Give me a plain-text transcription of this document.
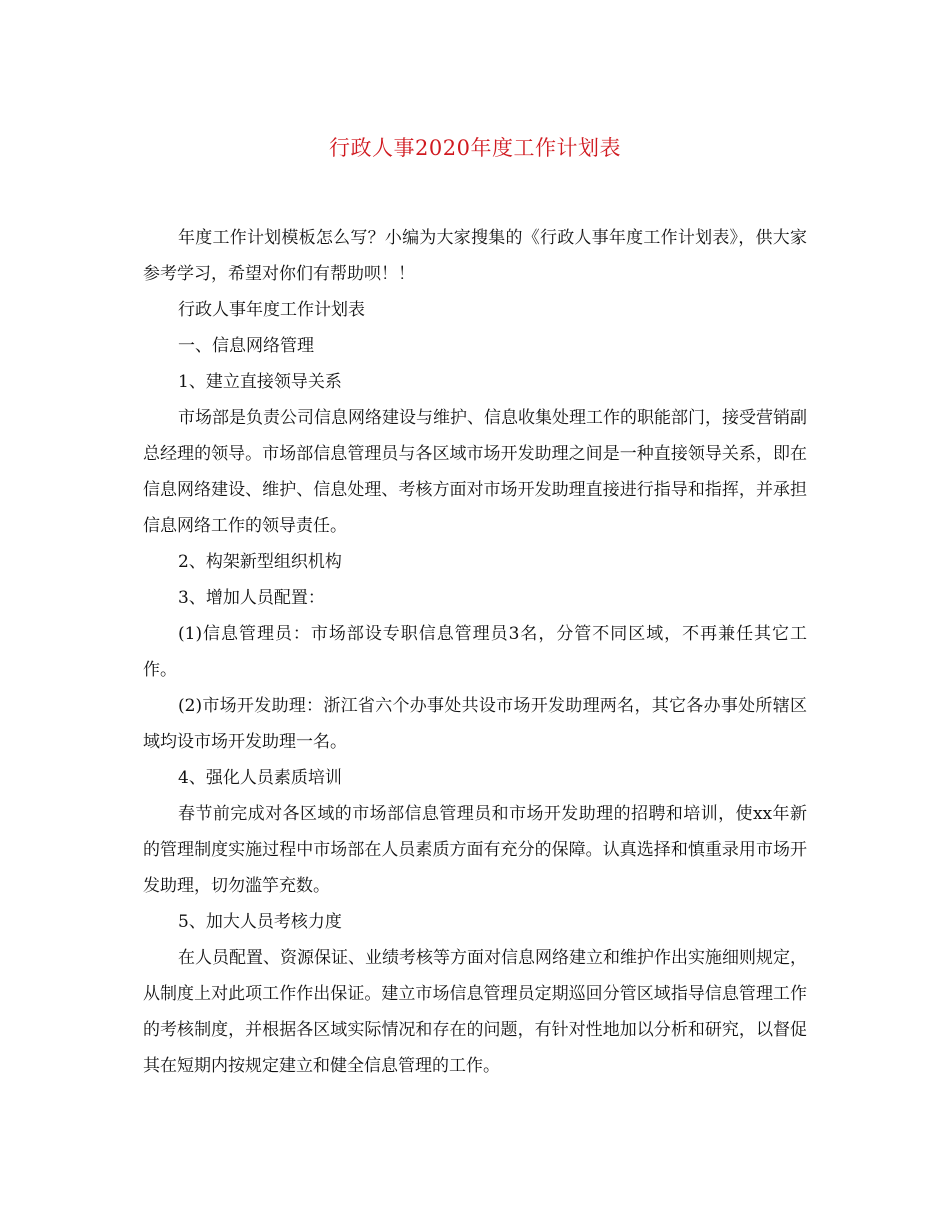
行政人事2020年度工作计划表

年度工作计划模板怎么写？小编为大家搜集的《行政人事年度工作计划表》，供大家参考学习，希望对你们有帮助呗！！

行政人事年度工作计划表

一、信息网络管理

1、建立直接领导关系

市场部是负责公司信息网络建设与维护、信息收集处理工作的职能部门，接受营销副总经理的领导。市场部信息管理员与各区域市场开发助理之间是一种直接领导关系，即在信息网络建设、维护、信息处理、考核方面对市场开发助理直接进行指导和指挥，并承担信息网络工作的领导责任。

2、构架新型组织机构

3、增加人员配置：

(1)信息管理员：市场部设专职信息管理员3名，分管不同区域，不再兼任其它工作。

(2)市场开发助理：浙江省六个办事处共设市场开发助理两名，其它各办事处所辖区域均设市场开发助理一名。

4、强化人员素质培训

春节前完成对各区域的市场部信息管理员和市场开发助理的招聘和培训，使xx年新的管理制度实施过程中市场部在人员素质方面有充分的保障。认真选择和慎重录用市场开发助理，切勿滥竽充数。

5、加大人员考核力度

在人员配置、资源保证、业绩考核等方面对信息网络建立和维护作出实施细则规定，从制度上对此项工作作出保证。建立市场信息管理员定期巡回分管区域指导信息管理工作的考核制度，并根据各区域实际情况和存在的问题，有针对性地加以分析和研究，以督促其在短期内按规定建立和健全信息管理的工作。
